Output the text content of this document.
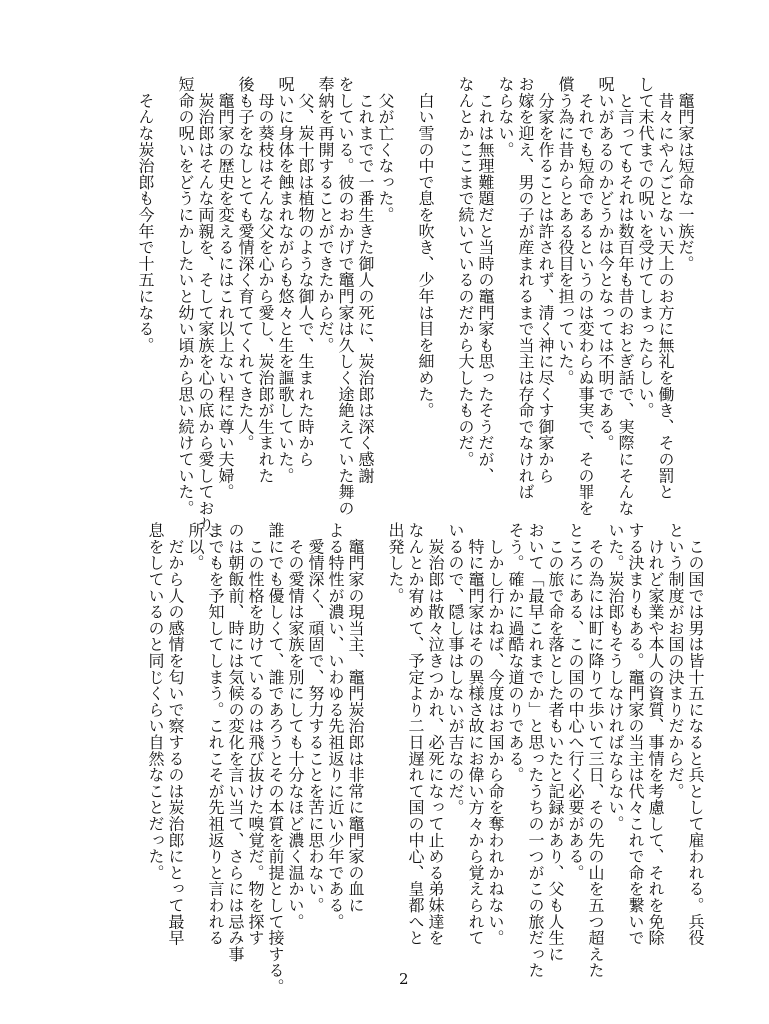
　竈門家は短命な一族だ。
　昔々にやんごとない天上のお方に無礼を働き、その罰と
して末代までの呪いを受けてしまったらしい。
　と言ってもそれは数百年も昔のおとぎ話で、実際にそんな
呪いがあるのかどうかは今となっては不明である。
　それでも短命であるというのは変わらぬ事実で、その罪を
償う為に昔からとある役目を担っていた。
　分家を作ることは許されず、清く神に尽くす御家から
お嫁を迎え、男の子が産まれるまで当主は存命でなければ
ならない。
　これは無理難題だと当時の竈門家も思ったそうだが、
なんとかここまで続いているのだから大したものだ。
　白い雪の中で息を吹き、少年は目を細めた。
　父が亡くなった。
　これまでで一番生きた御人の死に、炭治郎は深く感謝
をしている。彼のおかげで竈門家は久しく途絶えていた舞の
奉納を再開することができたからだ。
　父、炭十郎は植物のような御人で、生まれた時から
呪いに身体を蝕まれながらも悠々と生を謳歌していた。
　母の葵枝はそんな父を心から愛し、炭治郎が生まれた
後も子をなしとても愛情深く育ててくれてきた人。
　竈門家の歴史を変えるにはこれ以上ない程に尊い夫婦。
　炭治郎はそんな両親を、そして家族を心の底から愛しており、
短命の呪いをどうにかしたいと幼い頃から思い続けていた。
　そんな炭治郎も今年で十五になる。
　この国では男は皆十五になると兵として雇われる。兵役
という制度がお国の決まりだからだ。
　けれど家業や本人の資質、事情を考慮して、それを免除
する決まりもある。竈門家の当主は代々これで命を繋いで
いた。炭治郎もそうしなければならない。
　その為には町に降りて歩いて三日、その先の山を五つ超えた
ところにある、この国の中心へ行く必要がある。
　この旅で命を落とした者もいたと記録があり、父も人生に
おいて「最早これまでか」と思ったうちの一つがこの旅だった
そう。確かに過酷な道のりである。
　しかし行かねば、今度はお国から命を奪われかねない。
　特に竈門家はその異様さ故にお偉い方々から覚えられて
いるので、隠し事はしないが吉なのだ。
　炭治郎は散々泣きつかれ、必死になって止める弟妹達を
なんとか宥めて、予定より二日遅れて国の中心、皇都へと
出発した。
　竈門家の現当主、竈門炭治郎は非常に竈門家の血に
よる特性が濃い、いわゆる先祖返りに近い少年である。
　愛情深く、頑固で、努力することを苦に思わない。
　その愛情は家族を別にしても十分なほど濃く温かい。
誰にでも優しくて、誰であろうとその本質を前提として接する。
　この性格を助けているのは飛び抜けた嗅覚だ。物を探す
のは朝飯前、時には気候の変化を言い当て、さらには忌み事
までもを予知してしまう。これこそが先祖返りと言われる
所以。
　だから人の感情を匂いで察するのは炭治郎にとって最早
息をしているのと同じくらい自然なことだった。
2
